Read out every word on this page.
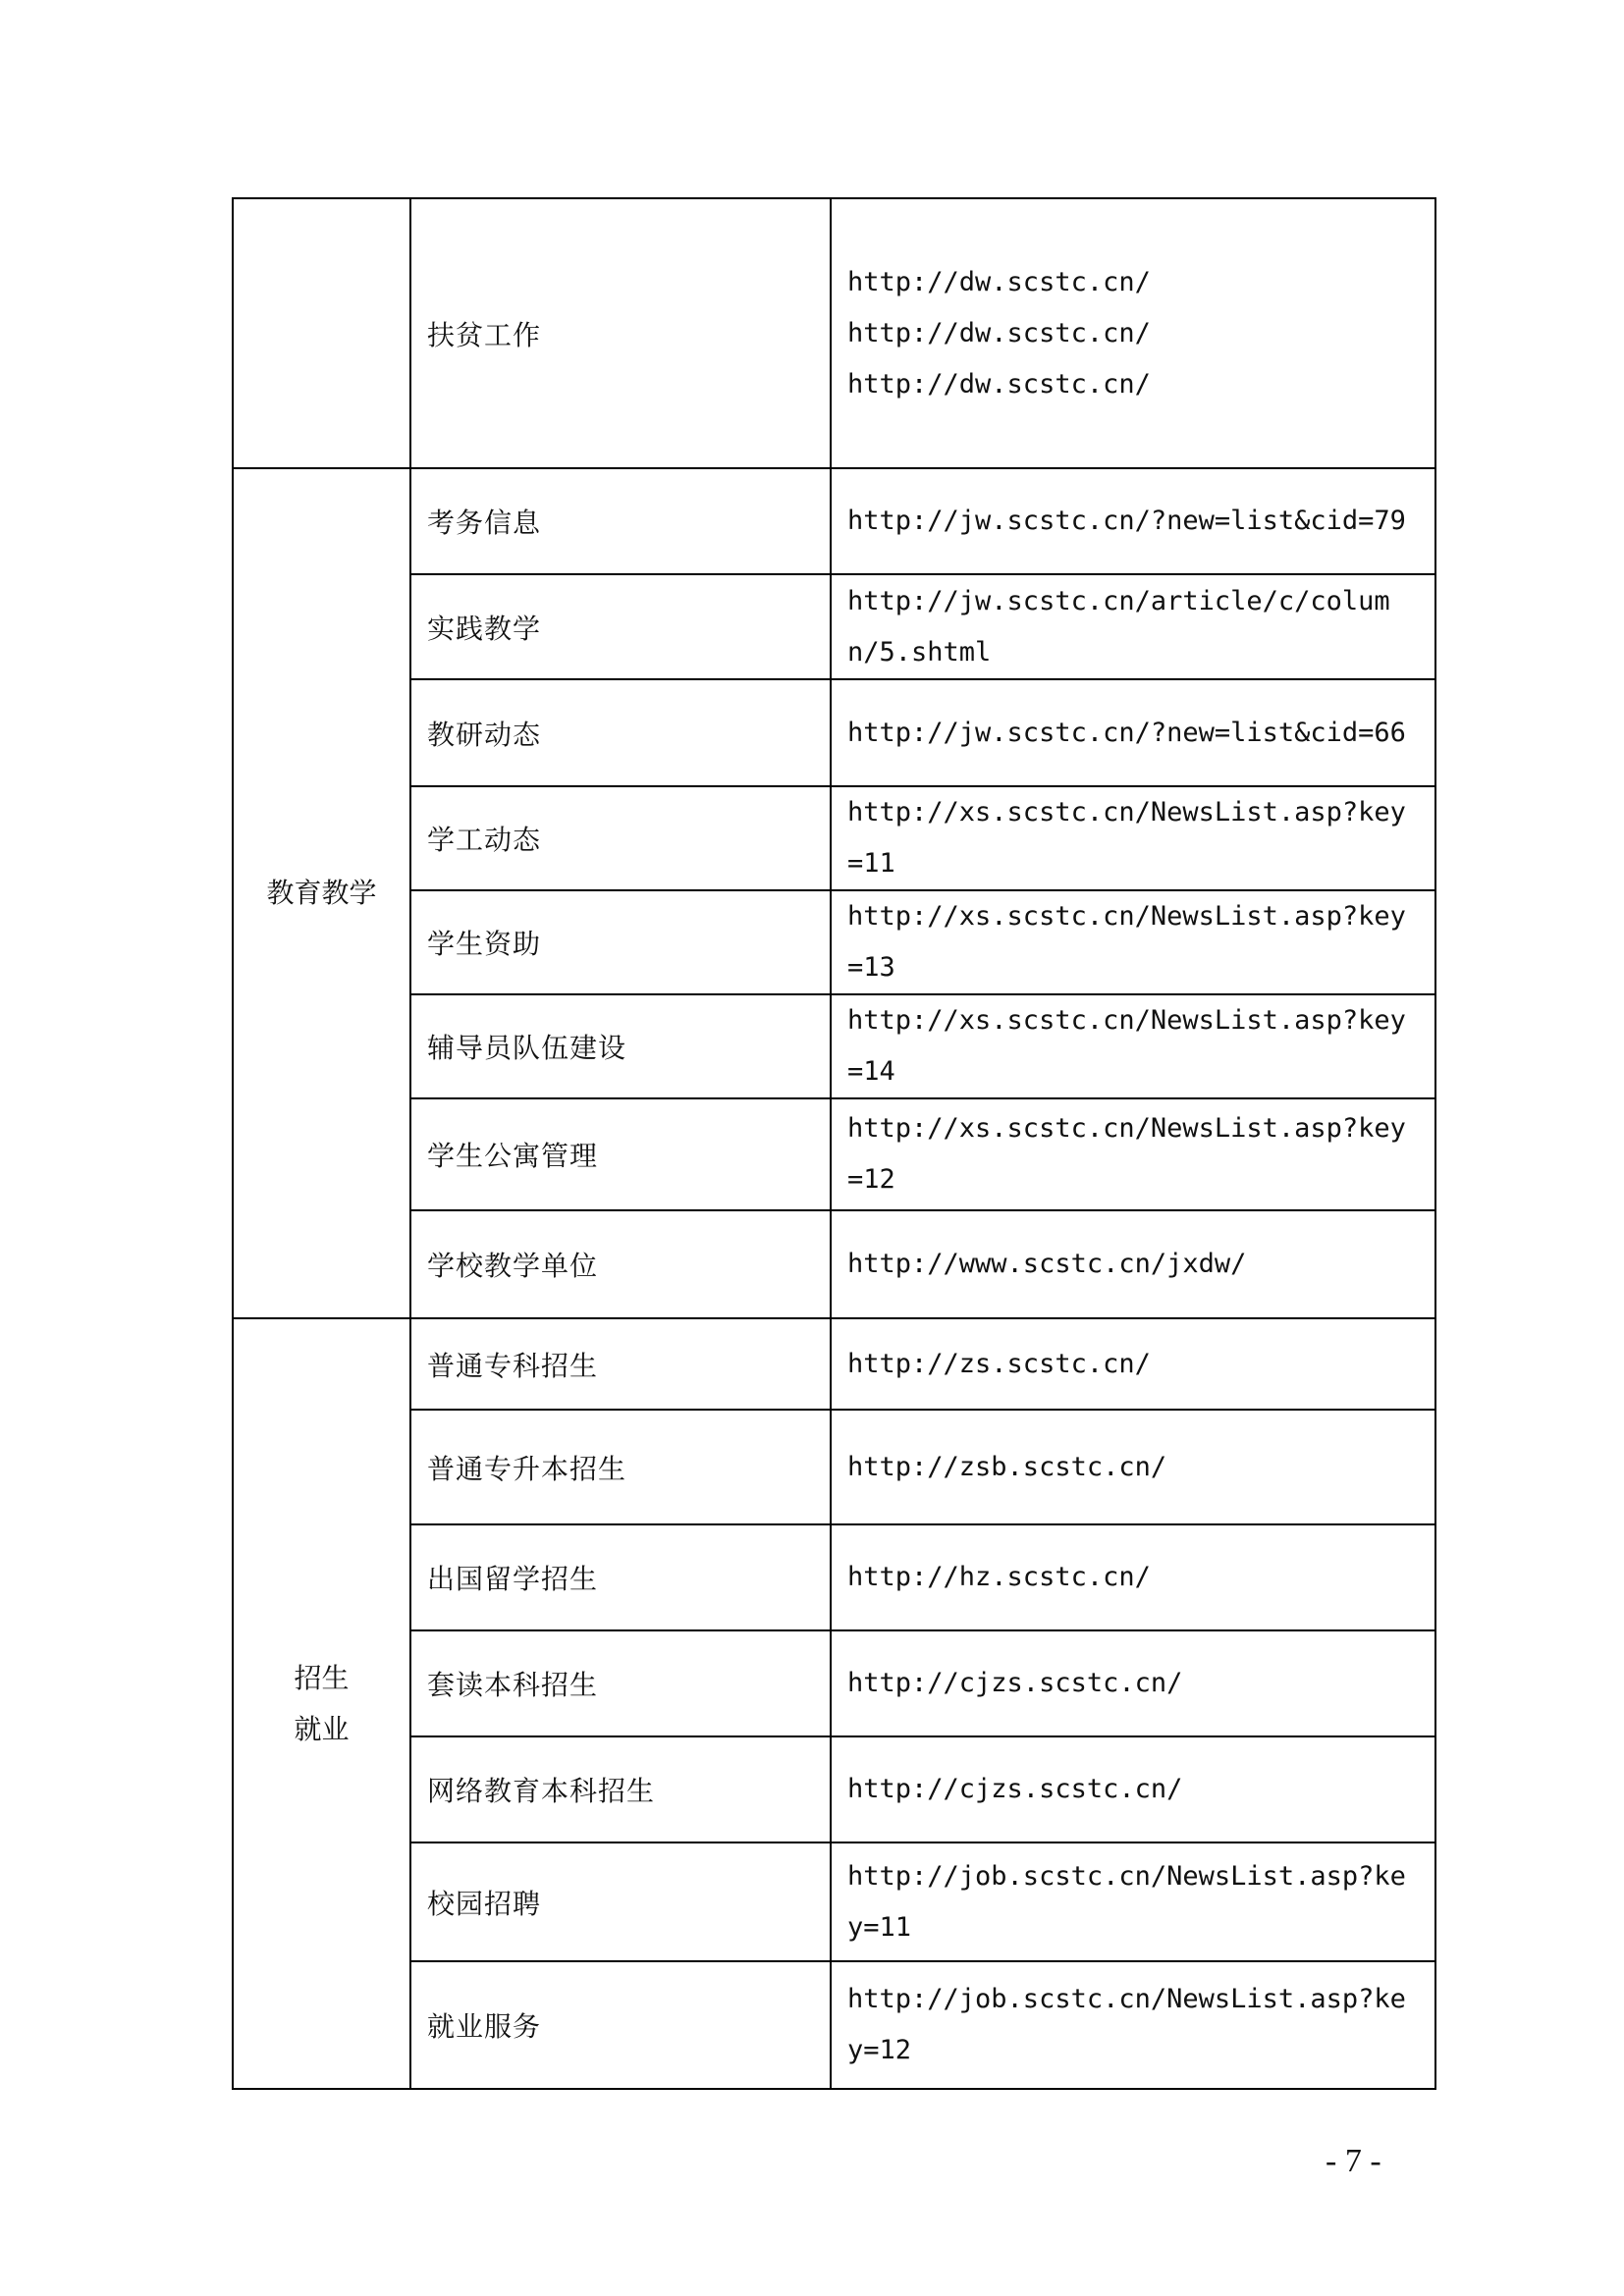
	扶贫工作	http://dw.scstc.cn/
http://dw.scstc.cn/
http://dw.scstc.cn/

教育教学	考务信息	http://jw.scstc.cn/?new=list&cid=79

	实践教学	http://jw.scstc.cn/article/c/column/5.shtml

	教研动态	http://jw.scstc.cn/?new=list&cid=66

	学工动态	http://xs.scstc.cn/NewsList.asp?key=11

	学生资助	http://xs.scstc.cn/NewsList.asp?key=13

	辅导员队伍建设	http://xs.scstc.cn/NewsList.asp?key=14

	学生公寓管理	http://xs.scstc.cn/NewsList.asp?key=12

	学校教学单位	http://www.scstc.cn/jxdw/

招生
就业	普通专科招生	http://zs.scstc.cn/

	普通专升本招生	http://zsb.scstc.cn/

	出国留学招生	http://hz.scstc.cn/

	套读本科招生	http://cjzs.scstc.cn/

	网络教育本科招生	http://cjzs.scstc.cn/

	校园招聘	http://job.scstc.cn/NewsList.asp?key=11

	就业服务	http://job.scstc.cn/NewsList.asp?key=12
- 7 -
